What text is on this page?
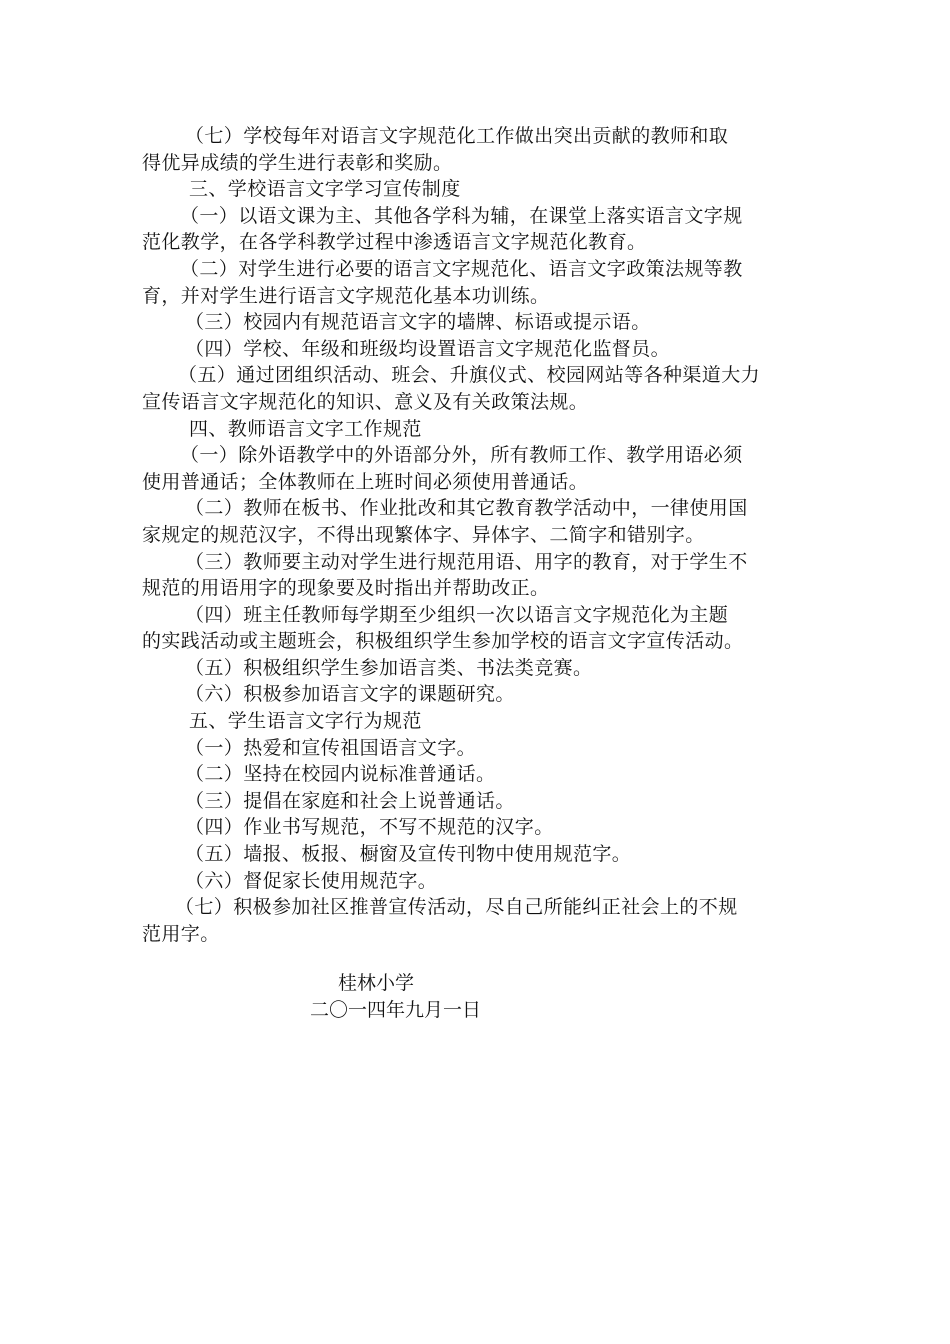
（七）学校每年对语言文字规范化工作做出突出贡献的教师和取
得优异成绩的学生进行表彰和奖励。
三、学校语言文字学习宣传制度
（一）以语文课为主、其他各学科为辅，在课堂上落实语言文字规
范化教学，在各学科教学过程中渗透语言文字规范化教育。
（二）对学生进行必要的语言文字规范化、语言文字政策法规等教
育，并对学生进行语言文字规范化基本功训练。
（三）校园内有规范语言文字的墙牌、标语或提示语。
（四）学校、年级和班级均设置语言文字规范化监督员。
（五）通过团组织活动、班会、升旗仪式、校园网站等各种渠道大力
宣传语言文字规范化的知识、意义及有关政策法规。
四、教师语言文字工作规范
（一）除外语教学中的外语部分外，所有教师工作、教学用语必须
使用普通话；全体教师在上班时间必须使用普通话。
（二）教师在板书、作业批改和其它教育教学活动中，一律使用国
家规定的规范汉字，不得出现繁体字、异体字、二简字和错别字。
（三）教师要主动对学生进行规范用语、用字的教育，对于学生不
规范的用语用字的现象要及时指出并帮助改正。
（四）班主任教师每学期至少组织一次以语言文字规范化为主题
的实践活动或主题班会，积极组织学生参加学校的语言文字宣传活动。
（五）积极组织学生参加语言类、书法类竞赛。
（六）积极参加语言文字的课题研究。
五、学生语言文字行为规范
（一）热爱和宣传祖国语言文字。
（二）坚持在校园内说标准普通话。
（三）提倡在家庭和社会上说普通话。
（四）作业书写规范，不写不规范的汉字。
（五）墙报、板报、橱窗及宣传刊物中使用规范字。
（六）督促家长使用规范字。
（七）积极参加社区推普宣传活动，尽自己所能纠正社会上的不规
范用字。
桂林小学
二〇一四年九月一日
